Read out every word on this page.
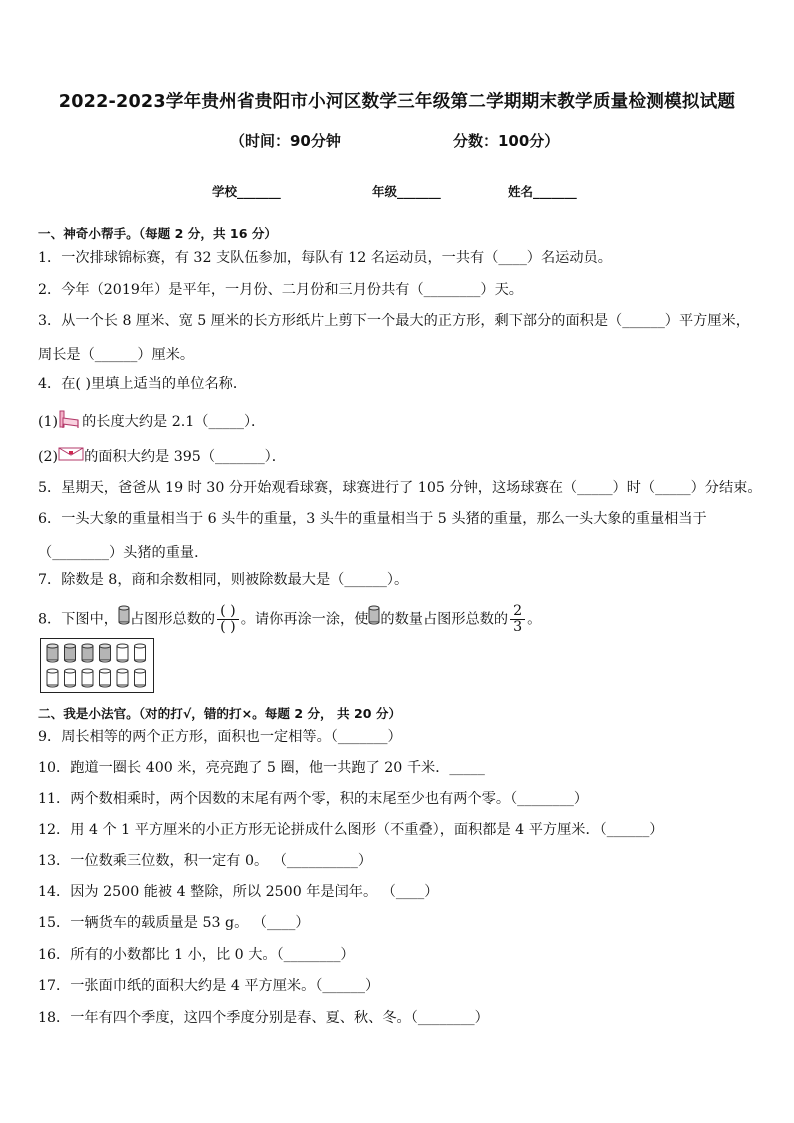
2022-2023学年贵州省贵阳市小河区数学三年级第二学期期末教学质量检测模拟试题
（时间：90分钟	分数：100分）
学校_______	年级_______	姓名_______
一、神奇小帮手。（每题 2 分，共 16 分）
1．一次排球锦标赛，有 32 支队伍参加，每队有 12 名运动员，一共有（____）名运动员。
2．今年（2019年）是平年，一月份、二月份和三月份共有（________）天。
3．从一个长 8 厘米、宽 5 厘米的长方形纸片上剪下一个最大的正方形，剩下部分的面积是（______）平方厘米，周长是（______）厘米。
4．在( )里填上适当的单位名称．
(1) 的长度大约是 2.1（_____）．
(2) 的面积大约是 395（_______）．
5．星期天，爸爸从 19 时 30 分开始观看球赛，球赛进行了 105 分钟，这场球赛在（_____）时（_____）分结束。
6．一头大象的重量相当于 6 头牛的重量，3 头牛的重量相当于 5 头猪的重量，那么一头大象的重量相当于（________）头猪的重量．
7．除数是 8，商和余数相同，则被除数最大是（______）。
8．下图中， 占图形总数的 $\frac{( )}{( )}$ 。请你再涂一涂，使 的数量占图形总数的 $\frac{2}{3}$ 。
二、我是小法官。（对的打√，错的打×。每题 2 分， 共 20 分）
9．周长相等的两个正方形，面积也一定相等。（_______）
10．跑道一圈长 400 米，亮亮跑了 5 圈，他一共跑了 20 千米．_____
11．两个数相乘时，两个因数的末尾有两个零，积的末尾至少也有两个零。（________）
12．用 4 个 1 平方厘米的小正方形无论拼成什么图形（不重叠），面积都是 4 平方厘米．（______）
13．一位数乘三位数，积一定有 0。 （__________）
14．因为 2500 能被 4 整除，所以 2500 年是闰年。 （____）
15．一辆货车的载质量是 53 g。 （____）
16．所有的小数都比 1 小，比 0 大。（________）
17．一张面巾纸的面积大约是 4 平方厘米。（______）
18．一年有四个季度，这四个季度分别是春、夏、秋、冬。（________）
